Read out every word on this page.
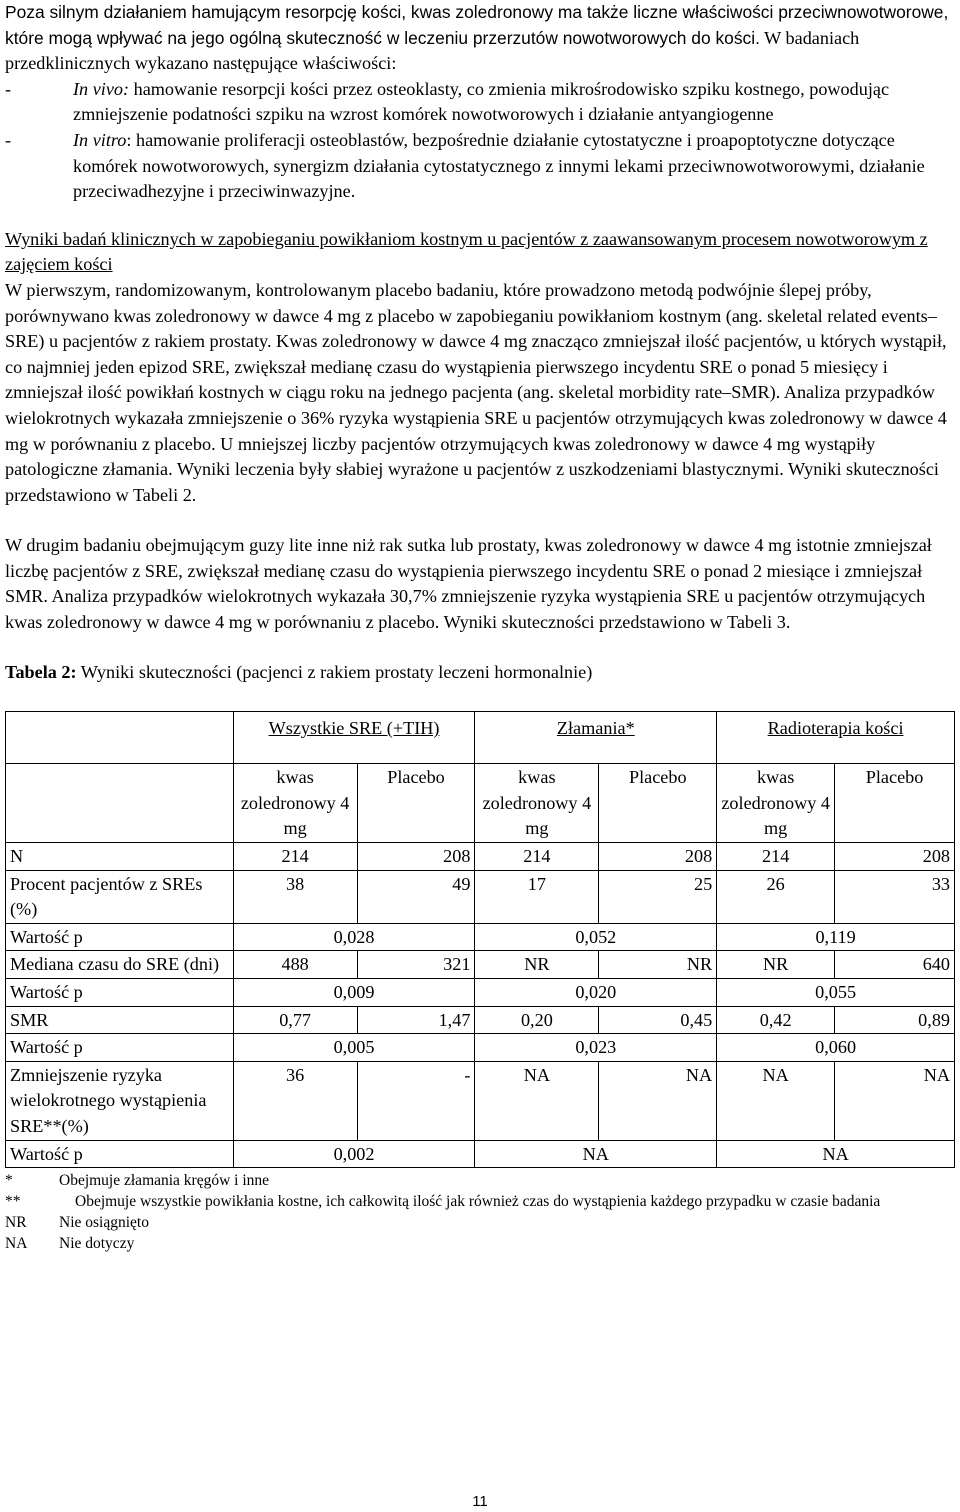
Poza silnym działaniem hamującym resorpcję kości, kwas zoledronowy ma także liczne właściwości przeciwnowotworowe, które mogą wpływać na jego ogólną skuteczność w leczeniu przerzutów nowotworowych do kości. W badaniach przedklinicznych wykazano następujące właściwości:

-	In vivo: hamowanie resorpcji kości przez osteoklasty, co zmienia mikrośrodowisko szpiku kostnego, powodując zmniejszenie podatności szpiku na wzrost komórek nowotworowych i działanie antyangiogenne
-	In vitro: hamowanie proliferacji osteoblastów, bezpośrednie działanie cytostatyczne i proapoptotyczne dotyczące komórek nowotworowych, synergizm działania cytostatycznego z innymi lekami przeciwnowotworowymi, działanie przeciwadhezyjne i przeciwinwazyjne.

Wyniki badań klinicznych w zapobieganiu powikłaniom kostnym u pacjentów z zaawansowanym procesem nowotworowym z zajęciem kości

W pierwszym, randomizowanym, kontrolowanym placebo badaniu, które prowadzono metodą podwójnie ślepej próby, porównywano kwas zoledronowy w dawce 4 mg z placebo w zapobieganiu powikłaniom kostnym (ang. skeletal related events–SRE) u pacjentów z rakiem prostaty. Kwas zoledronowy w dawce 4 mg znacząco zmniejszał ilość pacjentów, u których wystąpił, co najmniej jeden epizod SRE, zwiększał medianę czasu do wystąpienia pierwszego incydentu SRE o ponad 5 miesięcy i zmniejszał ilość powikłań kostnych w ciągu roku na jednego pacjenta (ang. skeletal morbidity rate–SMR). Analiza przypadków wielokrotnych wykazała zmniejszenie o 36% ryzyka wystąpienia SRE u pacjentów otrzymujących kwas zoledronowy w dawce 4 mg w porównaniu z placebo. U mniejszej liczby pacjentów otrzymujących kwas zoledronowy w dawce 4 mg wystąpiły patologiczne złamania. Wyniki leczenia były słabiej wyrażone u pacjentów z uszkodzeniami blastycznymi. Wyniki skuteczności przedstawiono w Tabeli 2.

W drugim badaniu obejmującym guzy lite inne niż rak sutka lub prostaty, kwas zoledronowy w dawce 4 mg istotnie zmniejszał liczbę pacjentów z SRE, zwiększał medianę czasu do wystąpienia pierwszego incydentu SRE o ponad 2 miesiące i zmniejszał SMR. Analiza przypadków wielokrotnych wykazała 30,7% zmniejszenie ryzyka wystąpienia SRE u pacjentów otrzymujących kwas zoledronowy w dawce 4 mg w porównaniu z placebo. Wyniki skuteczności przedstawiono w Tabeli 3.

Tabela 2: Wyniki skuteczności (pacjenci z rakiem prostaty leczeni hormonalnie)

	Wszystkie SRE (+TIH)		Złamania*		Radioterapia kości	
	kwas zoledronowy 4 mg	Placebo	kwas zoledronowy 4 mg	Placebo	kwas zoledronowy 4 mg	Placebo
N	214	208	214	208	214	208
Procent pacjentów z SREs (%)	38	49	17	25	26	33
Wartość p	0,028		0,052		0,119	
Mediana czasu do SRE (dni)	488	321	NR	NR	NR	640
Wartość p	0,009		0,020		0,055	
SMR	0,77	1,47	0,20	0,45	0,42	0,89
Wartość p	0,005		0,023		0,060	
Zmniejszenie ryzyka wielokrotnego wystąpienia SRE**(%)	36	-	NA	NA	NA	NA
Wartość p	0,002		NA		NA	
*	Obejmuje złamania kręgów i inne
**	Obejmuje wszystkie powikłania kostne, ich całkowitą ilość jak również czas do wystąpienia każdego przypadku w czasie badania
NR	Nie osiągnięto
NA	Nie dotyczy
11
